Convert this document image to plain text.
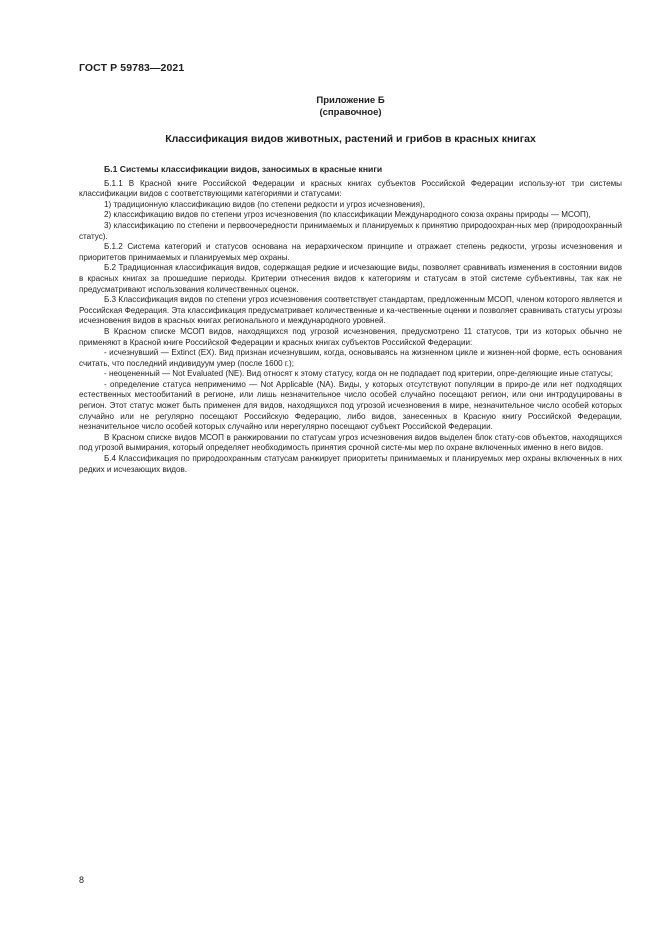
ГОСТ Р 59783—2021
Приложение Б
(справочное)
Классификация видов животных, растений и грибов в красных книгах

Б.1 Системы классификации видов, заносимых в красные книги

Б.1.1 В Красной книге Российской Федерации и красных книгах субъектов Российской Федерации использу-ют три системы классификации видов с соответствующими категориями и статусами:

1) традиционную классификацию видов (по степени редкости и угроз исчезновения),

2) классификацию видов по степени угроз исчезновения (по классификации Международного союза охраны природы — МСОП),

3) классификацию по степени и первоочередности принимаемых и планируемых к принятию природоохран-ных мер (природоохранный статус).

Б.1.2 Система категорий и статусов основана на иерархическом принципе и отражает степень редкости, угрозы исчезновения и приоритетов принимаемых и планируемых мер охраны.

Б.2 Традиционная классификация видов, содержащая редкие и исчезающие виды, позволяет сравнивать изменения в состоянии видов в красных книгах за прошедшие периоды. Критерии отнесения видов к категориям и статусам в этой системе субъективны, так как не предусматривают использования количественных оценок.

Б.3 Классификация видов по степени угроз исчезновения соответствует стандартам, предложенным МСОП, членом которого является и Российская Федерация. Эта классификация предусматривает количественные и ка-чественные оценки и позволяет сравнивать статусы угрозы исчезновения видов в красных книгах регионального и международного уровней.

В Красном списке МСОП видов, находящихся под угрозой исчезновения, предусмотрено 11 статусов, три из которых обычно не применяют в Красной книге Российской Федерации и красных книгах субъектов Российской Федерации:

- исчезнувший — Extinct (EX). Вид признан исчезнувшим, когда, основываясь на жизненном цикле и жизнен-ной форме, есть основания считать, что последний индивидуум умер (после 1600 г.);

- неоцененный — Not Evaluated (NE). Вид относят к этому статусу, когда он не подпадает под критерии, опре-деляющие иные статусы;

- определение статуса неприменимо — Not Applicable (NA). Виды, у которых отсутствуют популяции в приро-де или нет подходящих естественных местообитаний в регионе, или лишь незначительное число особей случайно посещают регион, или они интродуцированы в регион. Этот статус может быть применен для видов, находящихся под угрозой исчезновения в мире, незначительное число особей которых случайно или не регулярно посещают Российскую Федерацию, либо видов, занесенных в Красную книгу Российской Федерации, незначительное число особей которых случайно или нерегулярно посещают субъект Российской Федерации.

В Красном списке видов МСОП в ранжировании по статусам угроз исчезновения видов выделен блок стату-сов объектов, находящихся под угрозой вымирания, который определяет необходимость принятия срочной систе-мы мер по охране включенных именно в него видов.

Б.4 Классификация по природоохранным статусам ранжирует приоритеты принимаемых и планируемых мер охраны включенных в них редких и исчезающих видов.

8
